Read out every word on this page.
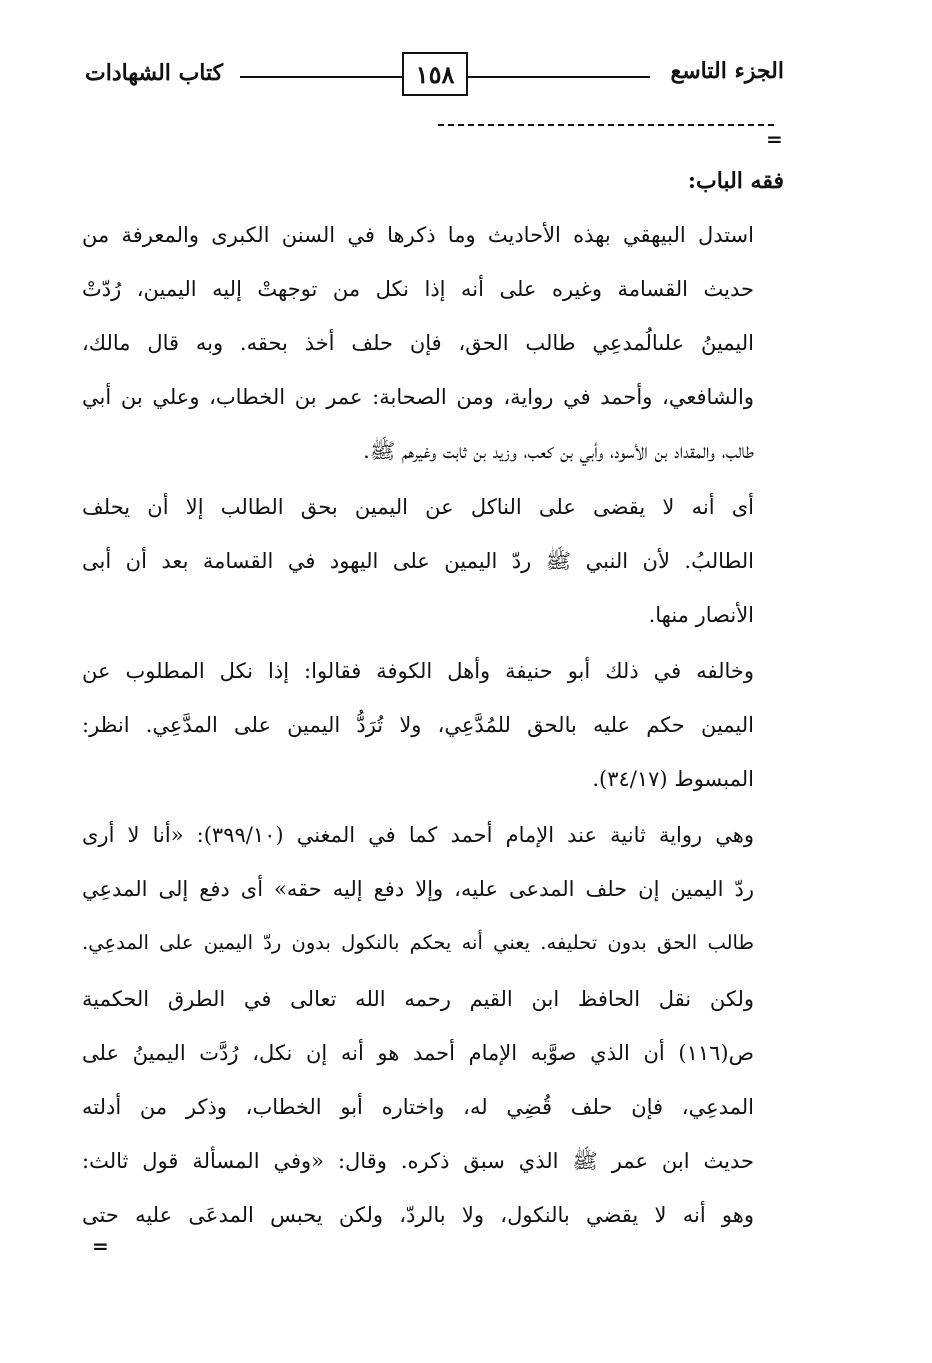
كتاب الشهادات	١٥٨	الجزء التاسع
=
فقه الباب:
استدل البيهقي بهذه الأحاديث وما ذكرها في السنن الكبرى والمعرفة من
حديث القسامة وغيره على أنه إذا نكل من توجهتْ إليه اليمين، رُدّتْ
اليمينُ علىالُمدعِي طالب الحق، فإن حلف أخذ بحقه. وبه قال مالك،
والشافعي، وأحمد في رواية، ومن الصحابة: عمر بن الخطاب، وعلي بن أبي
طالب، والمقداد بن الأسود، وأبي بن كعب، وزيد بن ثابت وغيرهم ﷺ.
أى أنه لا يقضى على الناكل عن اليمين بحق الطالب إلا أن يحلف
الطالبُ. لأن النبي ﷺ ردّ اليمين على اليهود في القسامة بعد أن أبى
الأنصار منها.
وخالفه في ذلك أبو حنيفة وأهل الكوفة فقالوا: إذا نكل المطلوب عن
اليمين حكم عليه بالحق للمُدَّعِي، ولا تُرَدُّ اليمين على المدَّعِي. انظر:
المبسوط (٣٤/١٧).
وهي رواية ثانية عند الإمام أحمد كما في المغني (٣٩٩/١٠): «أنا لا أرى
ردّ اليمين إن حلف المدعى عليه، وإلا دفع إليه حقه» أى دفع إلى المدعِي
طالب الحق بدون تحليفه. يعني أنه يحكم بالنكول بدون ردّ اليمين على المدعِي.
ولكن نقل الحافظ ابن القيم رحمه الله تعالى في الطرق الحكمية
ص(١١٦) أن الذي صوَّبه الإمام أحمد هو أنه إن نكل، رُدَّت اليمينُ على
المدعِي، فإن حلف قُضِي له، واختاره أبو الخطاب، وذكر من أدلته
حديث ابن عمر ﷺ الذي سبق ذكره. وقال: «وفي المسألة قول ثالث:
وهو أنه لا يقضي بالنكول، ولا بالردّ، ولكن يحبس المدعَى عليه حتى
=
